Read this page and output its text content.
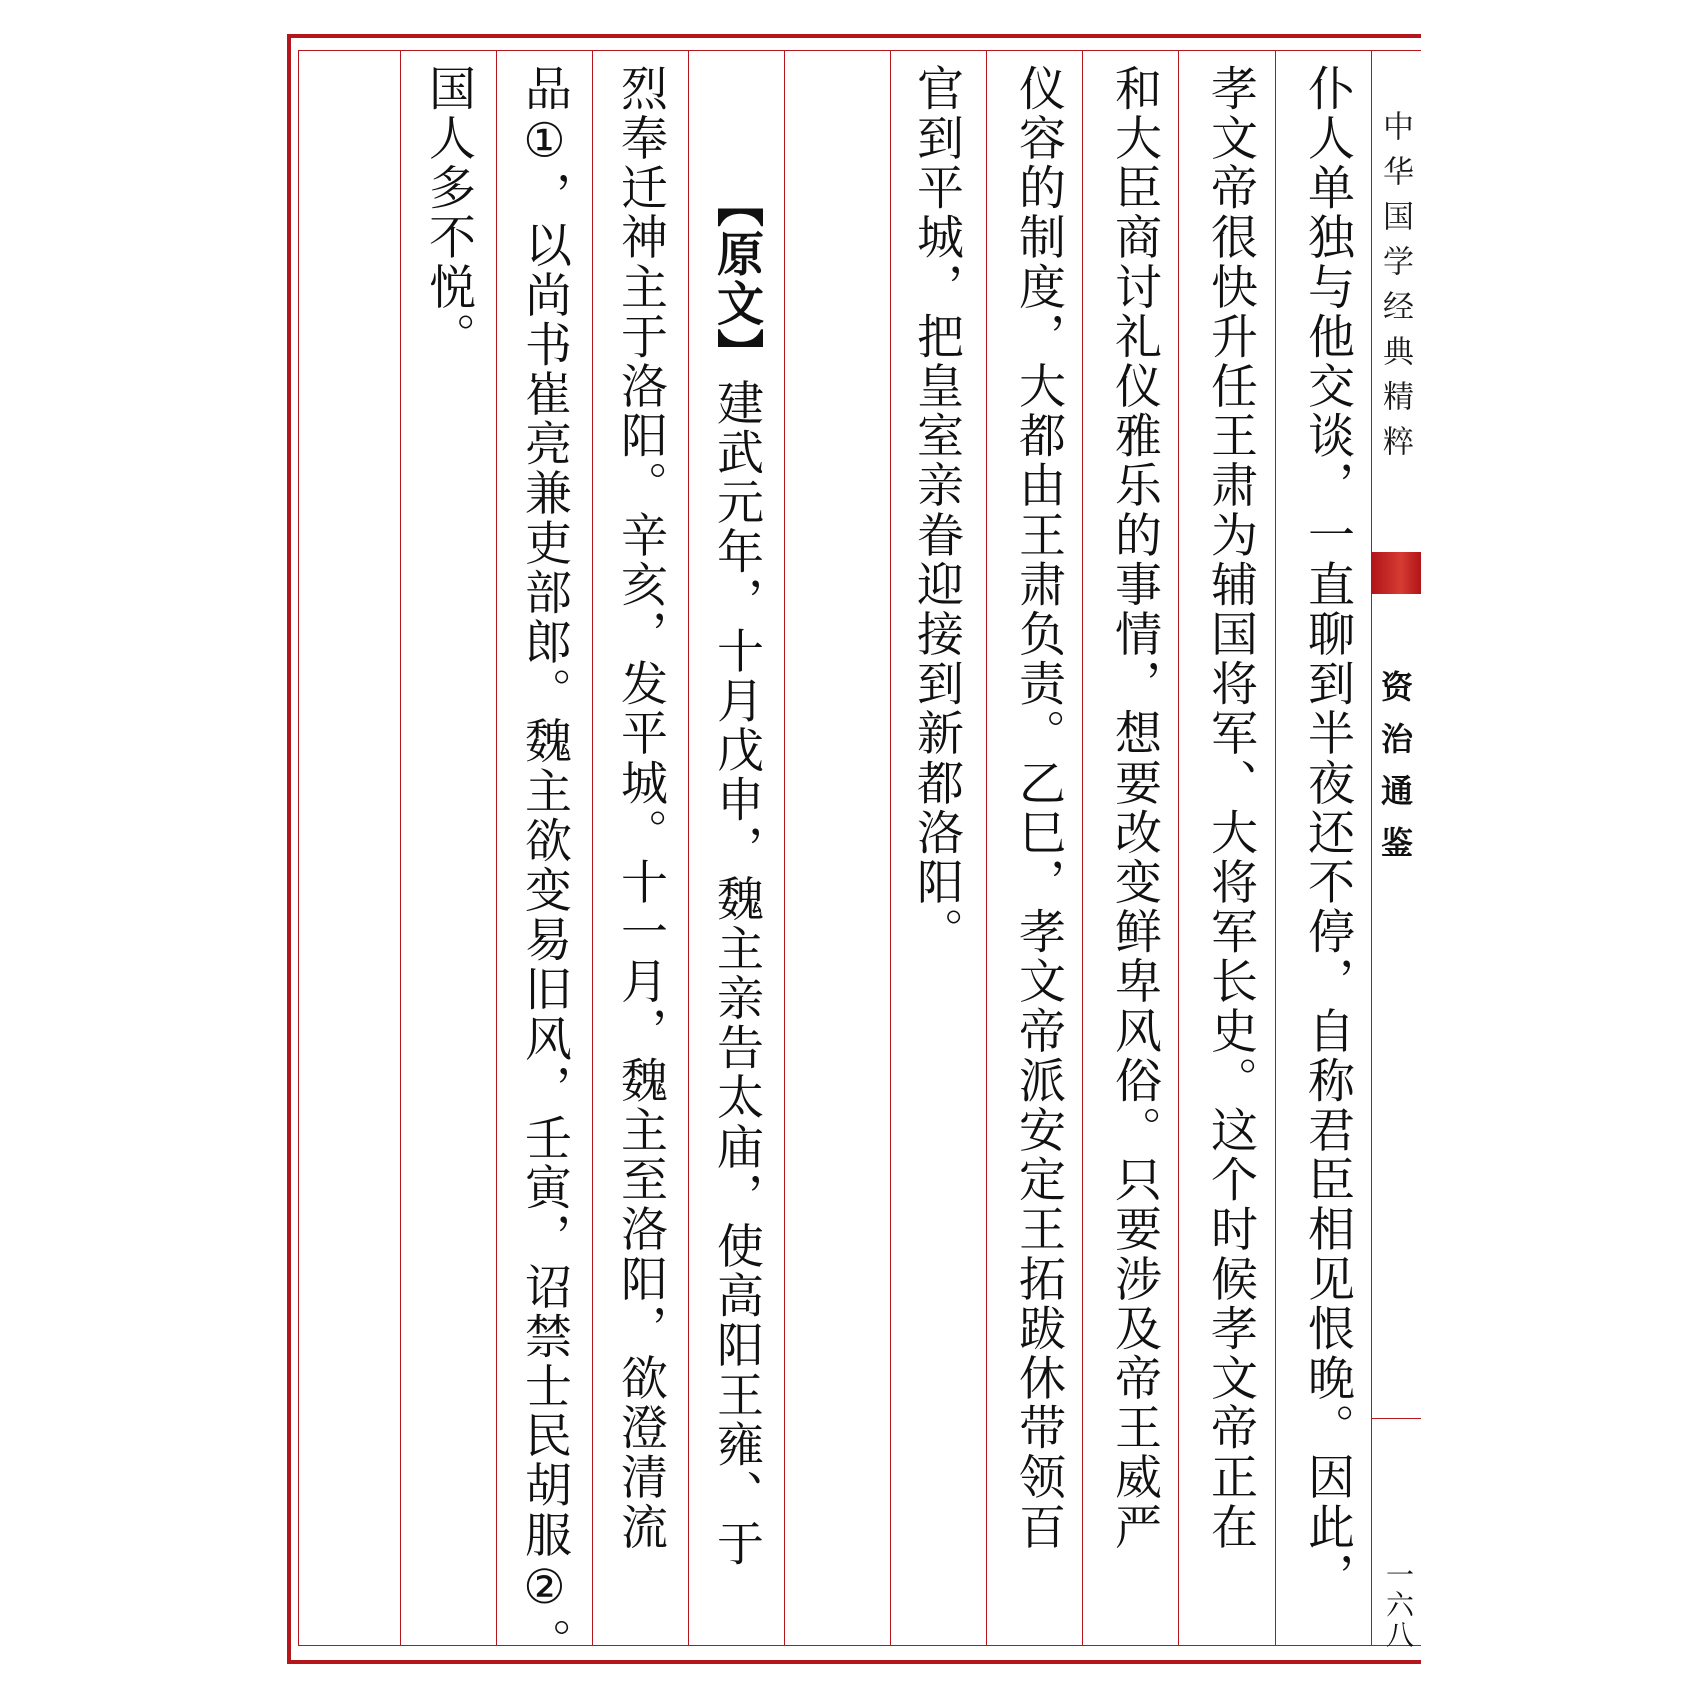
中华国学经典精粹
资治通鉴
一六八
仆人单独与他交谈，一直聊到半夜还不停，自称君臣相见恨晚。因此，
孝文帝很快升任王肃为辅国将军、大将军长史。这个时候孝文帝正在
和大臣商讨礼仪雅乐的事情，想要改变鲜卑风俗。只要涉及帝王威严
仪容的制度，大都由王肃负责。乙巳，孝文帝派安定王拓跋休带领百
官到平城，把皇室亲眷迎接到新都洛阳。
【原文】建武元年，十月戊申，魏主亲告太庙，使高阳王雍、于
烈奉迁神主于洛阳。辛亥，发平城。十一月，魏主至洛阳，欲澄清流
品①，以尚书崔亮兼吏部郎。魏主欲变易旧风，壬寅，诏禁士民胡服②。
国人多不悦。
